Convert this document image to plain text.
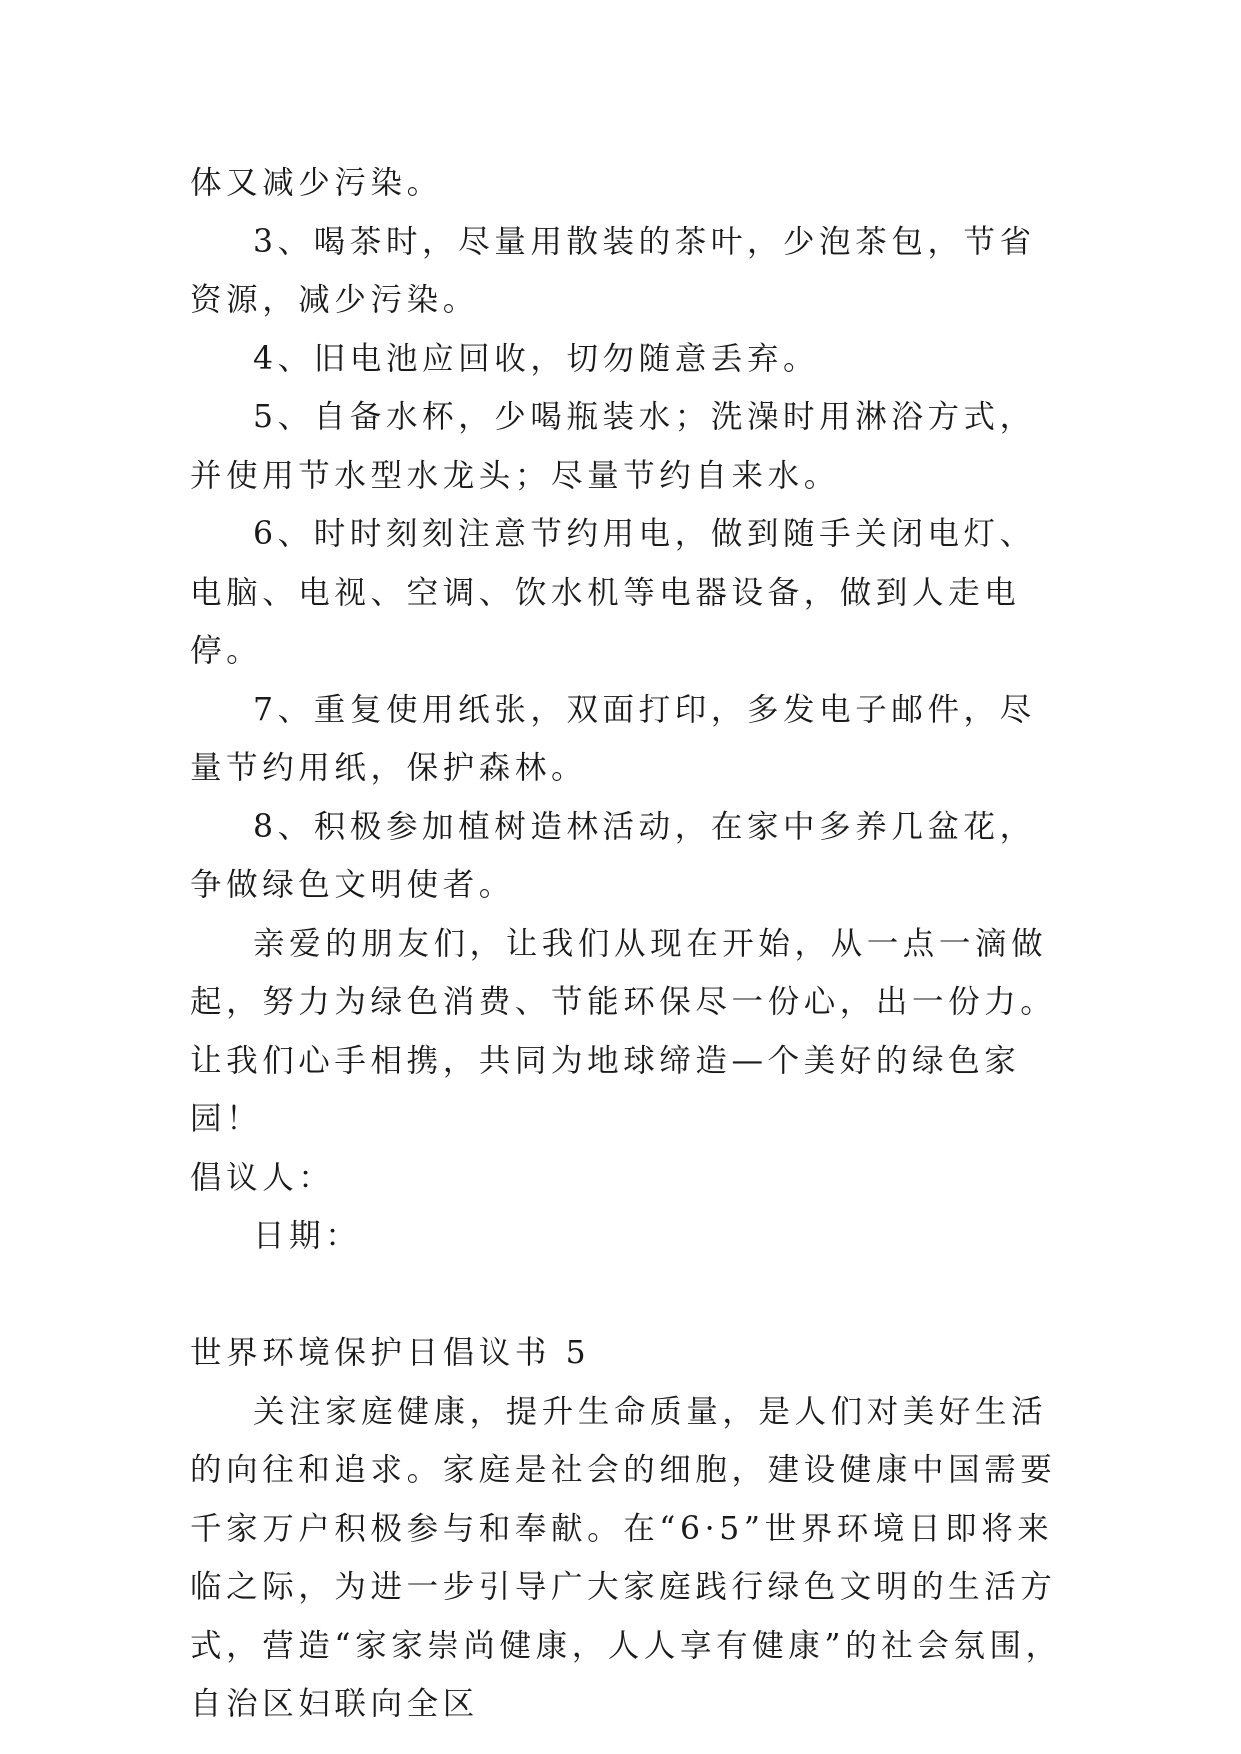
体又减少污染。

3、喝茶时，尽量用散装的茶叶，少泡茶包，节省资源，减少污染。

4、旧电池应回收，切勿随意丢弃。

5、自备水杯，少喝瓶装水；洗澡时用淋浴方式，并使用节水型水龙头；尽量节约自来水。

6、时时刻刻注意节约用电，做到随手关闭电灯、电脑、电视、空调、饮水机等电器设备，做到人走电停。

7、重复使用纸张，双面打印，多发电子邮件，尽量节约用纸，保护森林。

8、积极参加植树造林活动，在家中多养几盆花，争做绿色文明使者。

亲爱的朋友们，让我们从现在开始，从一点一滴做起，努力为绿色消费、节能环保尽一份心，出一份力。让我们心手相携，共同为地球缔造—个美好的绿色家园！

倡议人：

日期：

世界环境保护日倡议书 5

关注家庭健康，提升生命质量，是人们对美好生活的向往和追求。家庭是社会的细胞，建设健康中国需要千家万户积极参与和奉献。在“6·5”世界环境日即将来临之际，为进一步引导广大家庭践行绿色文明的生活方式，营造“家家崇尚健康，人人享有健康”的社会氛围，自治区妇联向全区
